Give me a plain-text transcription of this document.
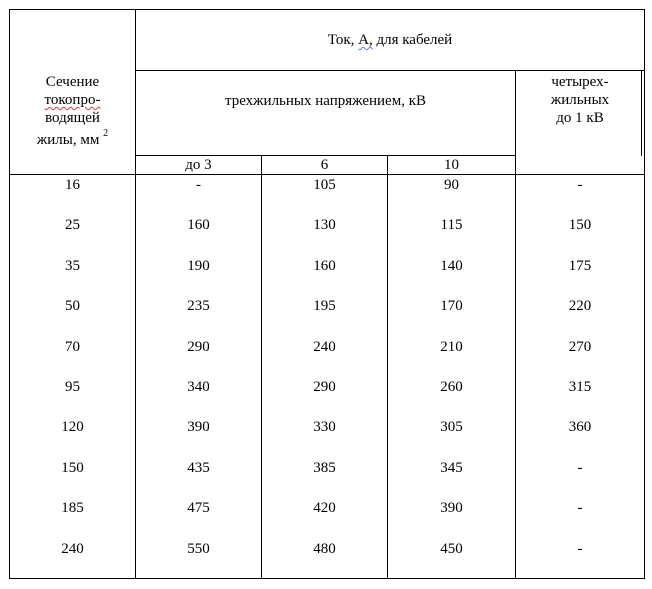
Сечение
токопро-
водящей
жилы, мм $^2$
Ток, А, для кабелей
трехжильных напряжением, кВ
четырех-
жильных
до 1 кВ
до 3	6	10
16	-	105	90	-
25	160	130	115	150
35	190	160	140	175
50	235	195	170	220
70	290	240	210	270
95	340	290	260	315
120	390	330	305	360
150	435	385	345	-
185	475	420	390	-
240	550	480	450	-
